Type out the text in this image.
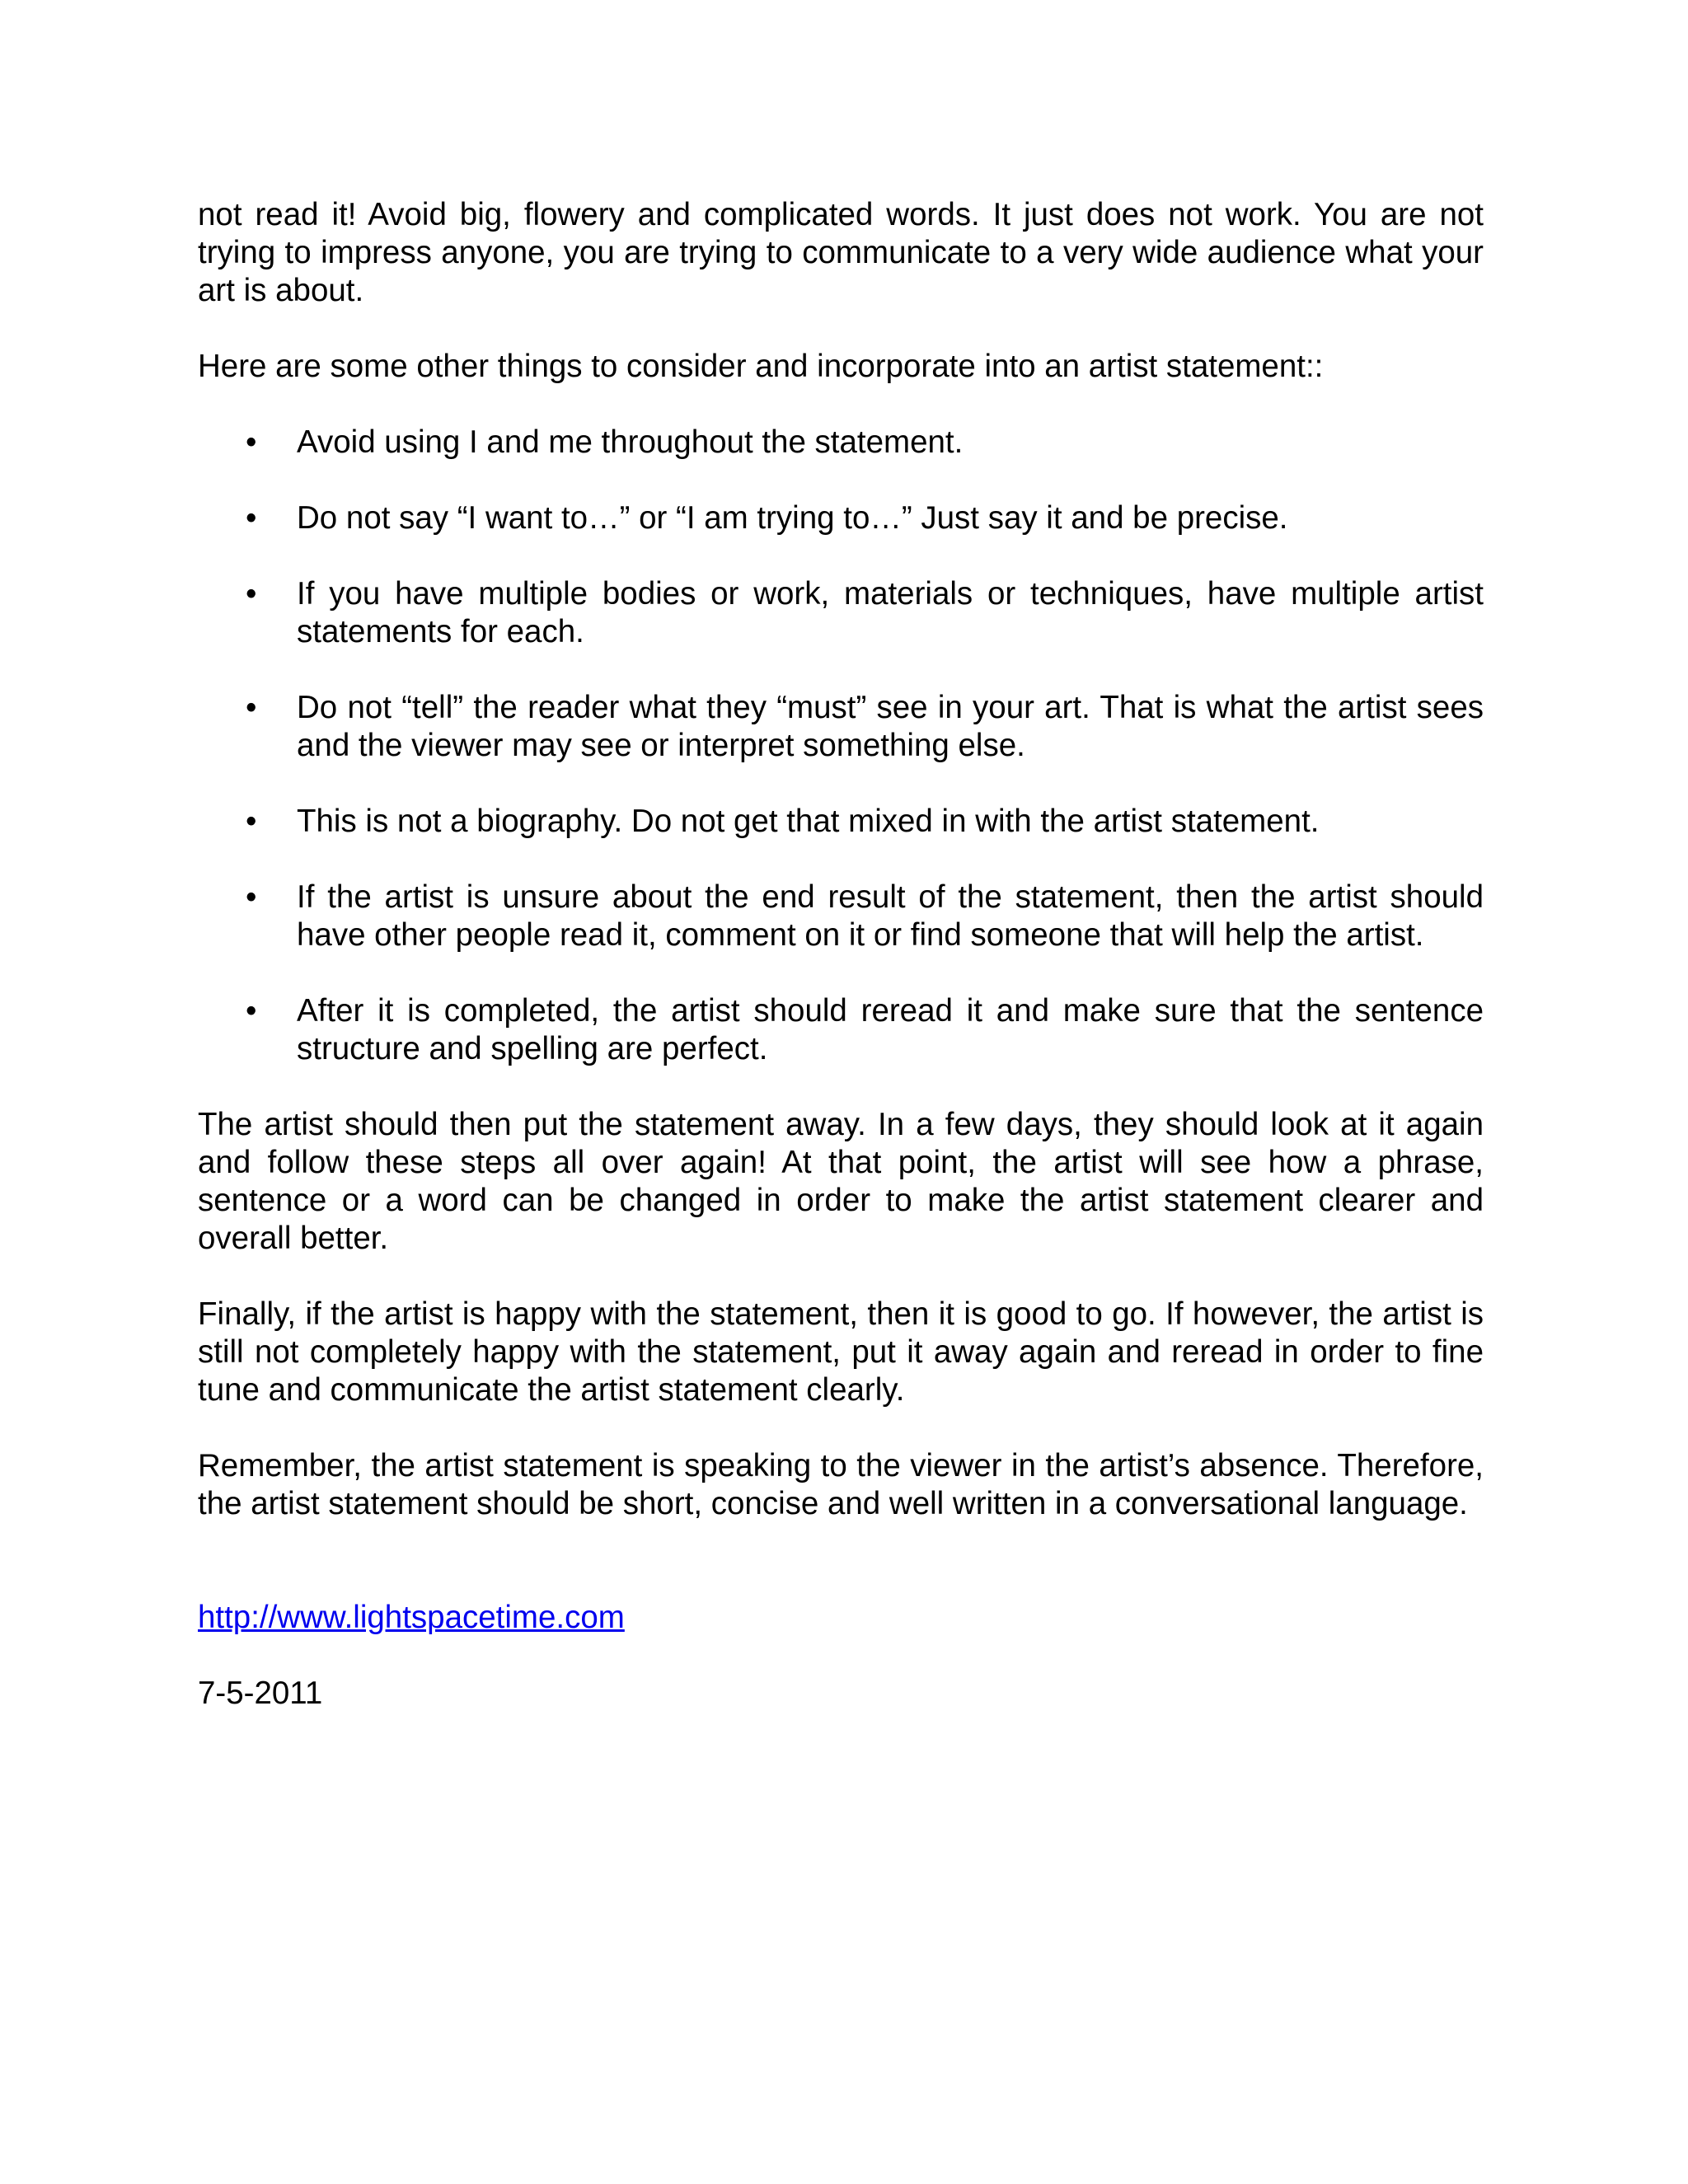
not read it! Avoid big, flowery and complicated words. It just does not work. You are not trying to impress anyone, you are trying to communicate to a very wide audience what your art is about.

Here are some other things to consider and incorporate into an artist statement::

• Avoid using I and me throughout the statement.
• Do not say “I want to…” or “I am trying to…” Just say it and be precise.
• If you have multiple bodies or work, materials or techniques, have multiple artist statements for each.
• Do not “tell” the reader what they “must” see in your art. That is what the artist sees and the viewer may see or interpret something else.
• This is not a biography. Do not get that mixed in with the artist statement.
• If the artist is unsure about the end result of the statement, then the artist should have other people read it, comment on it or find someone that will help the artist.
• After it is completed, the artist should reread it and make sure that the sentence structure and spelling are perfect.

The artist should then put the statement away. In a few days, they should look at it again and follow these steps all over again! At that point, the artist will see how a phrase, sentence or a word can be changed in order to make the artist statement clearer and overall better.

Finally, if the artist is happy with the statement, then it is good to go. If however, the artist is still not completely happy with the statement, put it away again and reread in order to fine tune and communicate the artist statement clearly.

Remember, the artist statement is speaking to the viewer in the artist’s absence. Therefore, the artist statement should be short, concise and well written in a conversational language.

http://www.lightspacetime.com
7-5-2011
